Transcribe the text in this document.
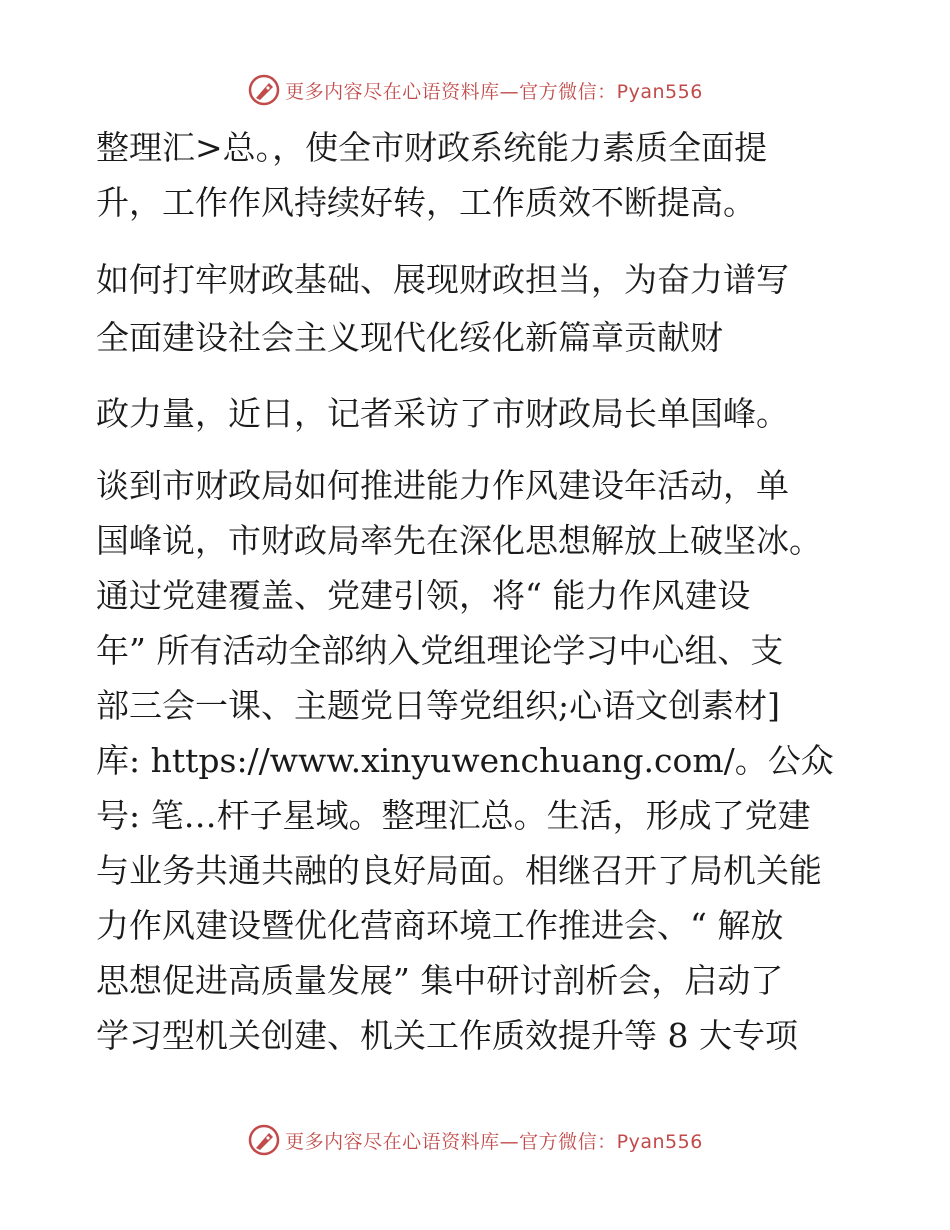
更多内容尽在心语资料库—官方微信：Pyan556
整理汇>总。，使全市财政系统能力素质全面提
升，工作作风持续好转，工作质效不断提高。
如何打牢财政基础、展现财政担当，为奋力谱写
全面建设社会主义现代化绥化新篇章贡献财
政力量，近日，记者采访了市财政局长单国峰。
谈到市财政局如何推进能力作风建设年活动，单
国峰说，市财政局率先在深化思想解放上破坚冰。
通过党建覆盖、党建引领，将“ 能力作风建设
年” 所有活动全部纳入党组理论学习中心组、支
部三会一课、主题党日等党组织;心语文创素材]
库: https://www.xinyuwenchuang.com/。公众
号: 笔…杆子星域。整理汇总。生活，形成了党建
与业务共通共融的良好局面。相继召开了局机关能
力作风建设暨优化营商环境工作推进会、“ 解放
思想促进高质量发展” 集中研讨剖析会，启动了
学习型机关创建、机关工作质效提升等 8 大专项
更多内容尽在心语资料库—官方微信：Pyan556
